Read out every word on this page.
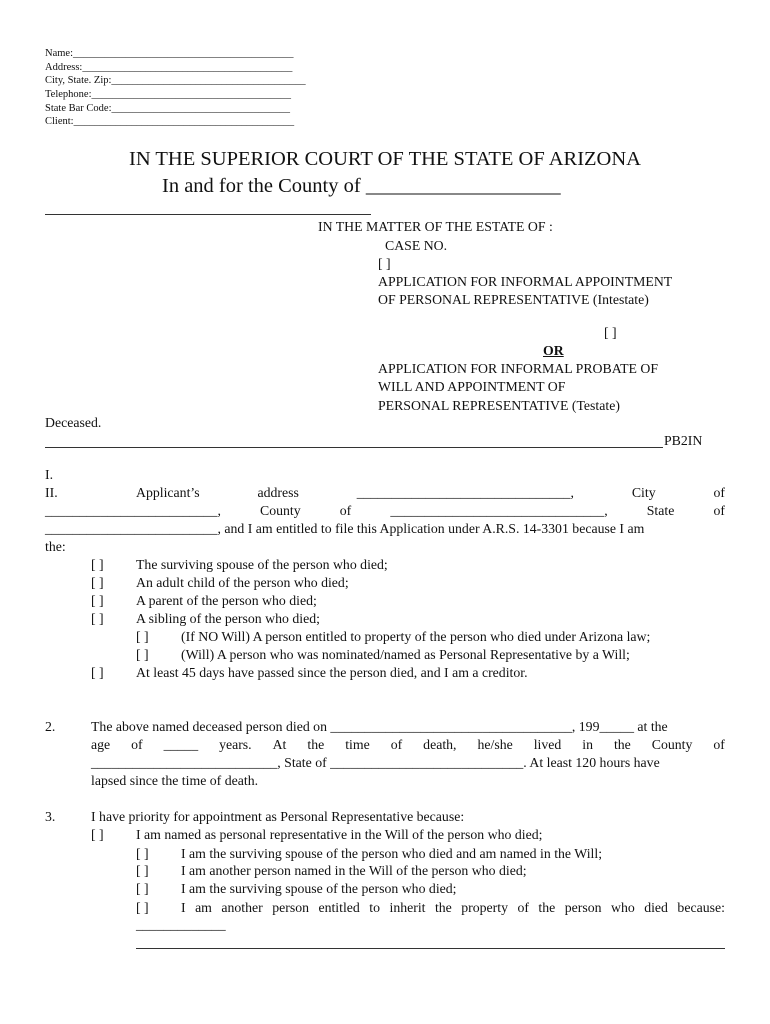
Name:__________________________________________
Address:________________________________________
City, State. Zip:_____________________________________
Telephone:______________________________________
State Bar Code:__________________________________
Client:__________________________________________
IN THE SUPERIOR COURT OF THE STATE OF ARIZONA
In and for the County of ___________________
IN THE MATTER OF THE ESTATE OF :
CASE NO.
[ ]
APPLICATION FOR INFORMAL APPOINTMENT
OF PERSONAL REPRESENTATIVE (Intestate)
[ ]
OR
APPLICATION FOR INFORMAL PROBATE OF
WILL AND APPOINTMENT OF
PERSONAL REPRESENTATIVE (Testate)
Deceased.
PB2IN
I.
II.	Applicant’s	address	_______________________________,	City	of
_________________________,	County	of	_______________________________,	State	of
_________________________, and I am entitled to file this Application under A.R.S. 14-3301 because I am
the:
[ ] The surviving spouse of the person who died;
[ ] An adult child of the person who died;
[ ] A parent of the person who died;
[ ] A sibling of the person who died;
[ ] (If NO Will) A person entitled to property of the person who died under Arizona law;
[ ] (Will) A person who was nominated/named as Personal Representative by a Will;
[ ] At least 45 days have passed since the person died, and I am a creditor.
2.	The above named deceased person died on ___________________________________, 199_____ at the
age of _____ years. At the time of death, he/she lived in the County of
___________________________, State of ____________________________. At least 120 hours have
lapsed since the time of death.
3.	I have priority for appointment as Personal Representative because:
[ ] I am named as personal representative in the Will of the person who died;
[ ] I am the surviving spouse of the person who died and am named in the Will;
[ ] I am another person named in the Will of the person who died;
[ ] I am the surviving spouse of the person who died;
[ ] I am another person entitled to inherit the property of the person who died because:
_____________
